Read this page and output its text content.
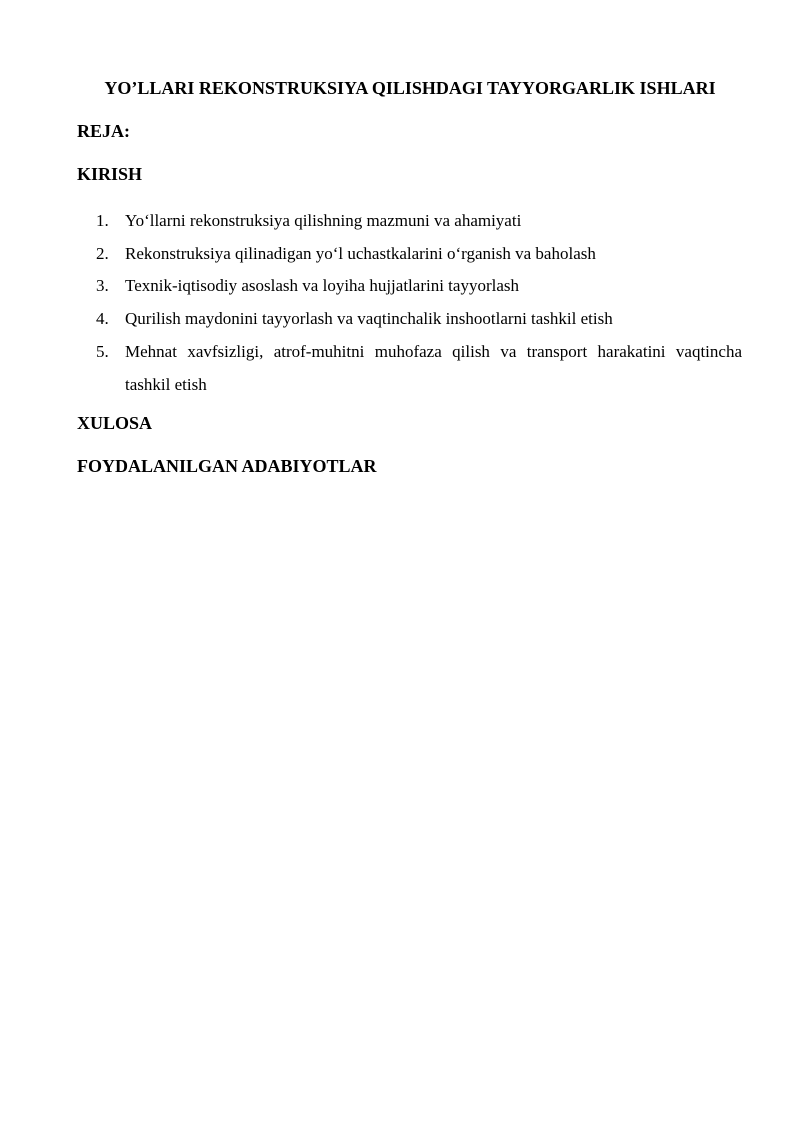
YO’LLARI REKONSTRUKSIYA QILISHDAGI TAYYORGARLIK ISHLARI
REJA:
KIRISH
1. Yo‘llarni rekonstruksiya qilishning mazmuni va ahamiyati
2. Rekonstruksiya qilinadigan yo‘l uchastkalarini o‘rganish va baholash
3. Texnik-iqtisodiy asoslash va loyiha hujjatlarini tayyorlash
4. Qurilish maydonini tayyorlash va vaqtinchalik inshootlarni tashkil etish
5. Mehnat xavfsizligi, atrof-muhitni muhofaza qilish va transport harakatini vaqtincha tashkil etish
XULOSA
FOYDALANILGAN ADABIYOTLAR
